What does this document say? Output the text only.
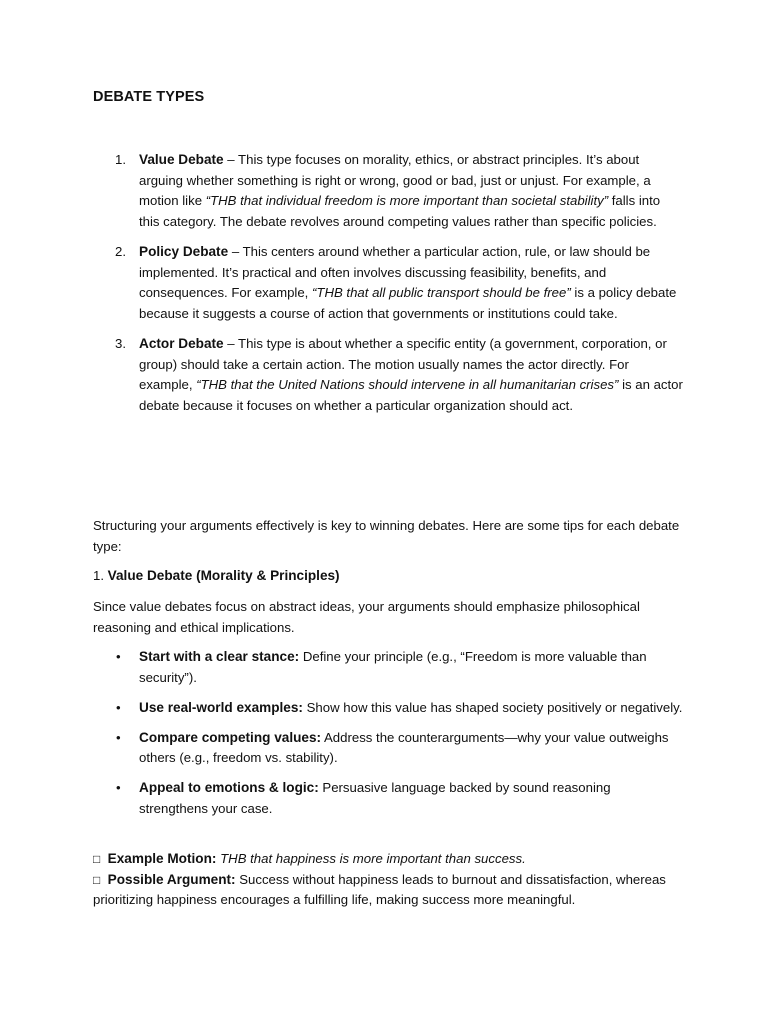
DEBATE TYPES
1. Value Debate – This type focuses on morality, ethics, or abstract principles. It’s about arguing whether something is right or wrong, good or bad, just or unjust. For example, a motion like “THB that individual freedom is more important than societal stability” falls into this category. The debate revolves around competing values rather than specific policies.

2. Policy Debate – This centers around whether a particular action, rule, or law should be implemented. It’s practical and often involves discussing feasibility, benefits, and consequences. For example, “THB that all public transport should be free” is a policy debate because it suggests a course of action that governments or institutions could take.

3. Actor Debate – This type is about whether a specific entity (a government, corporation, or group) should take a certain action. The motion usually names the actor directly. For example, “THB that the United Nations should intervene in all humanitarian crises” is an actor debate because it focuses on whether a particular organization should act.

Structuring your arguments effectively is key to winning debates. Here are some tips for each debate type:

1. Value Debate (Morality & Principles)

Since value debates focus on abstract ideas, your arguments should emphasize philosophical reasoning and ethical implications.

• Start with a clear stance: Define your principle (e.g., “Freedom is more valuable than security”).

• Use real-world examples: Show how this value has shaped society positively or negatively.

• Compare competing values: Address the counterarguments—why your value outweighs others (e.g., freedom vs. stability).

• Appeal to emotions & logic: Persuasive language backed by sound reasoning strengthens your case.

□ Example Motion: THB that happiness is more important than success.

□ Possible Argument: Success without happiness leads to burnout and dissatisfaction, whereas prioritizing happiness encourages a fulfilling life, making success more meaningful.
